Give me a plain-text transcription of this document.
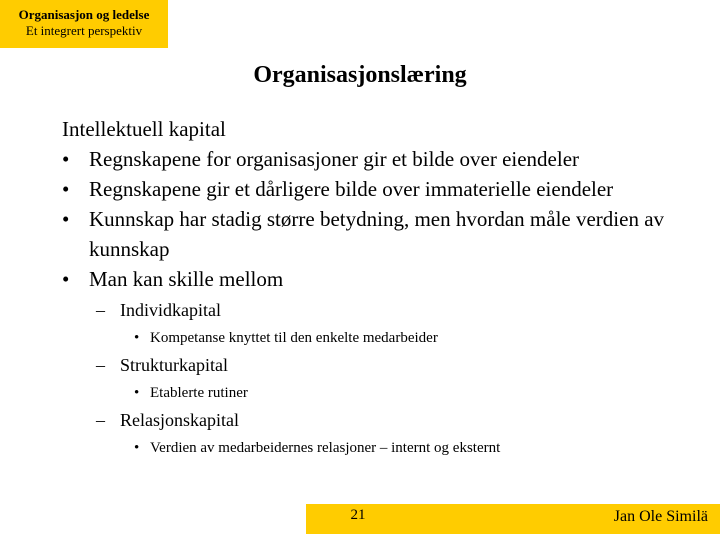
Organisasjon og ledelse
Et integrert perspektiv
Organisasjonslæring
Intellektuell kapital
• Regnskapene for organisasjoner gir et bilde over eiendeler
• Regnskapene gir et dårligere bilde over immaterielle eiendeler
• Kunnskap har stadig større betydning, men hvordan måle verdien av kunnskap
• Man kan skille mellom
– Individkapital
• Kompetanse knyttet til den enkelte medarbeider
– Strukturkapital
• Etablerte rutiner
– Relasjonskapital
• Verdien av medarbeidernes relasjoner – internt og eksternt
21	Jan Ole Similä
